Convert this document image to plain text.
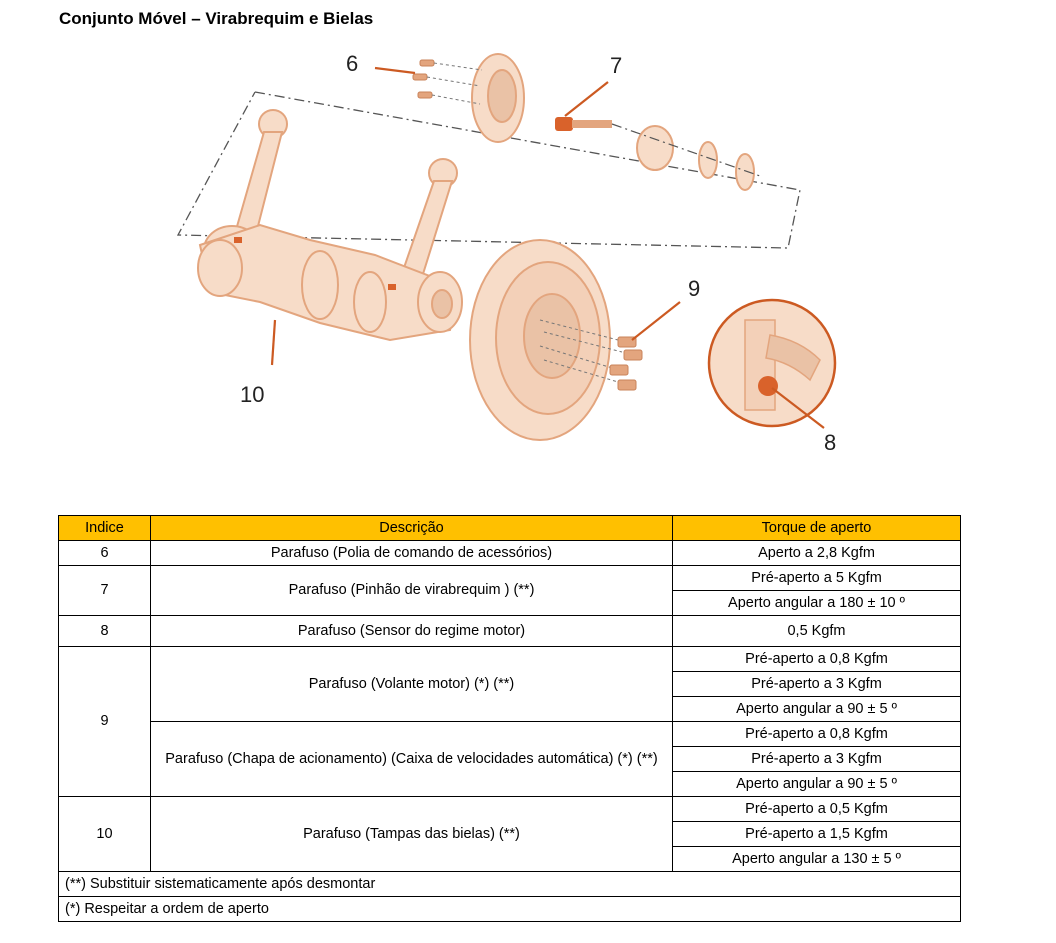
Conjunto Móvel – Virabrequim e Bielas
6	7
8
9
10
Indice	Descrição	Torque de aperto
6	Parafuso (Polia de comando de acessórios)	Aperto a 2,8 Kgfm
7	Parafuso (Pinhão de virabrequim ) (**)	Pré-aperto a 5 Kgfm
		Aperto angular a 180 ± 10 º
8	Parafuso (Sensor do regime motor)	0,5 Kgfm
9	Parafuso (Volante motor) (*) (**)	Pré-aperto a 0,8 Kgfm
		Pré-aperto a 3 Kgfm
		Aperto angular a 90 ± 5 º
	Parafuso (Chapa de acionamento) (Caixa de velocidades automática) (*) (**)	Pré-aperto a 0,8 Kgfm
		Pré-aperto a 3 Kgfm
		Aperto angular a 90 ± 5 º
10	Parafuso (Tampas das bielas) (**)	Pré-aperto a 0,5 Kgfm
		Pré-aperto a 1,5 Kgfm
		Aperto angular a 130 ± 5 º
(**) Substituir sistematicamente após desmontar		
(*) Respeitar a ordem de aperto		
